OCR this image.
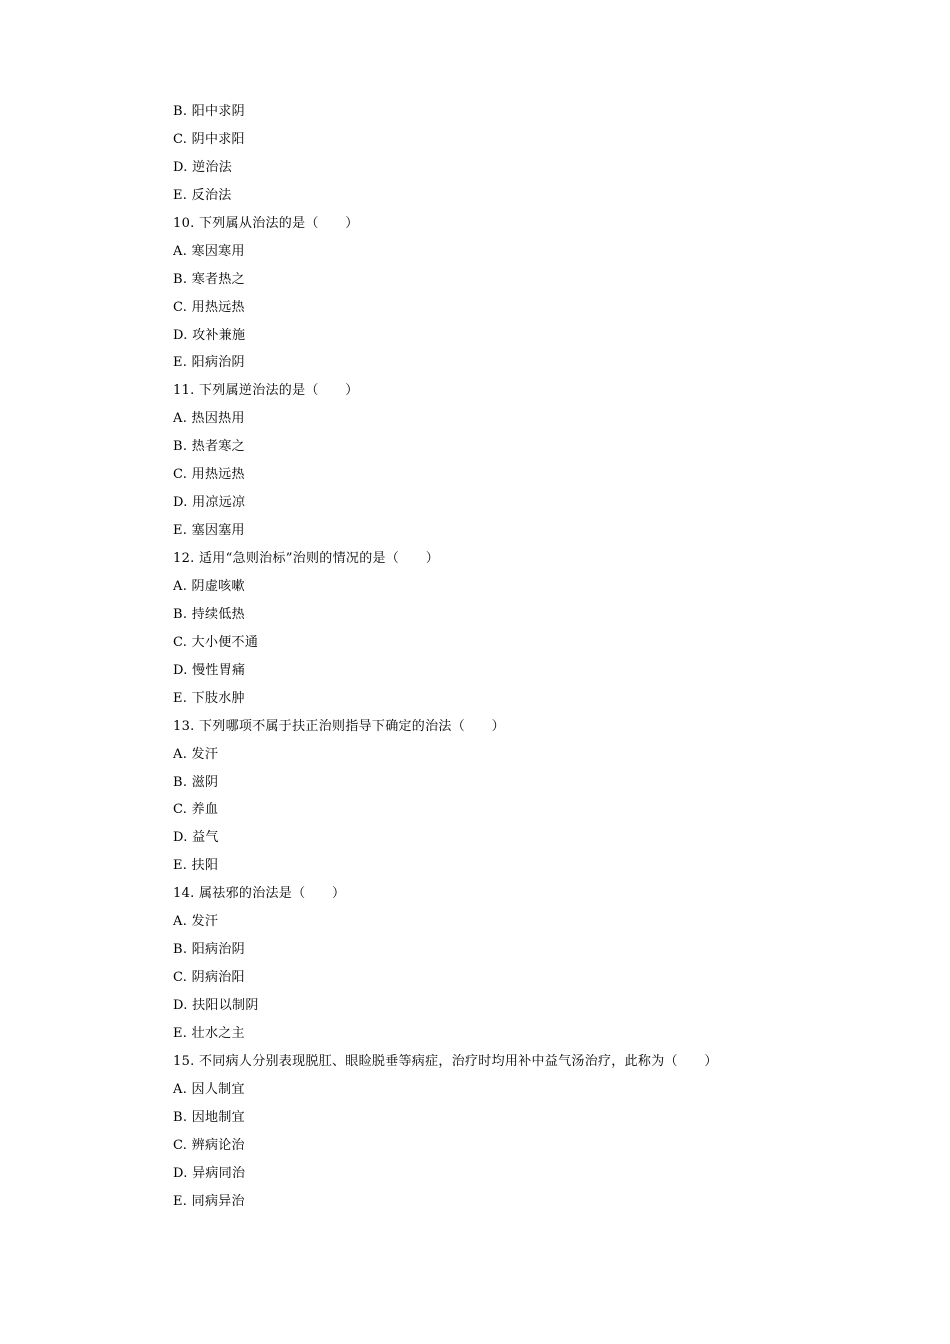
B. 阳中求阴
C. 阴中求阳
D. 逆治法
E. 反治法
10. 下列属从治法的是（　　）
A. 寒因寒用
B. 寒者热之
C. 用热远热
D. 攻补兼施
E. 阳病治阴
11. 下列属逆治法的是（　　）
A. 热因热用
B. 热者寒之
C. 用热远热
D. 用凉远凉
E. 塞因塞用
12. 适用“急则治标”治则的情况的是（　　）
A. 阴虚咳嗽
B. 持续低热
C. 大小便不通
D. 慢性胃痛
E. 下肢水肿
13. 下列哪项不属于扶正治则指导下确定的治法（　　）
A. 发汗
B. 滋阴
C. 养血
D. 益气
E. 扶阳
14. 属祛邪的治法是（　　）
A. 发汗
B. 阳病治阴
C. 阴病治阳
D. 扶阳以制阴
E. 壮水之主
15. 不同病人分别表现脱肛、眼睑脱垂等病症，治疗时均用补中益气汤治疗，此称为（　　）
A. 因人制宜
B. 因地制宜
C. 辨病论治
D. 异病同治
E. 同病异治
